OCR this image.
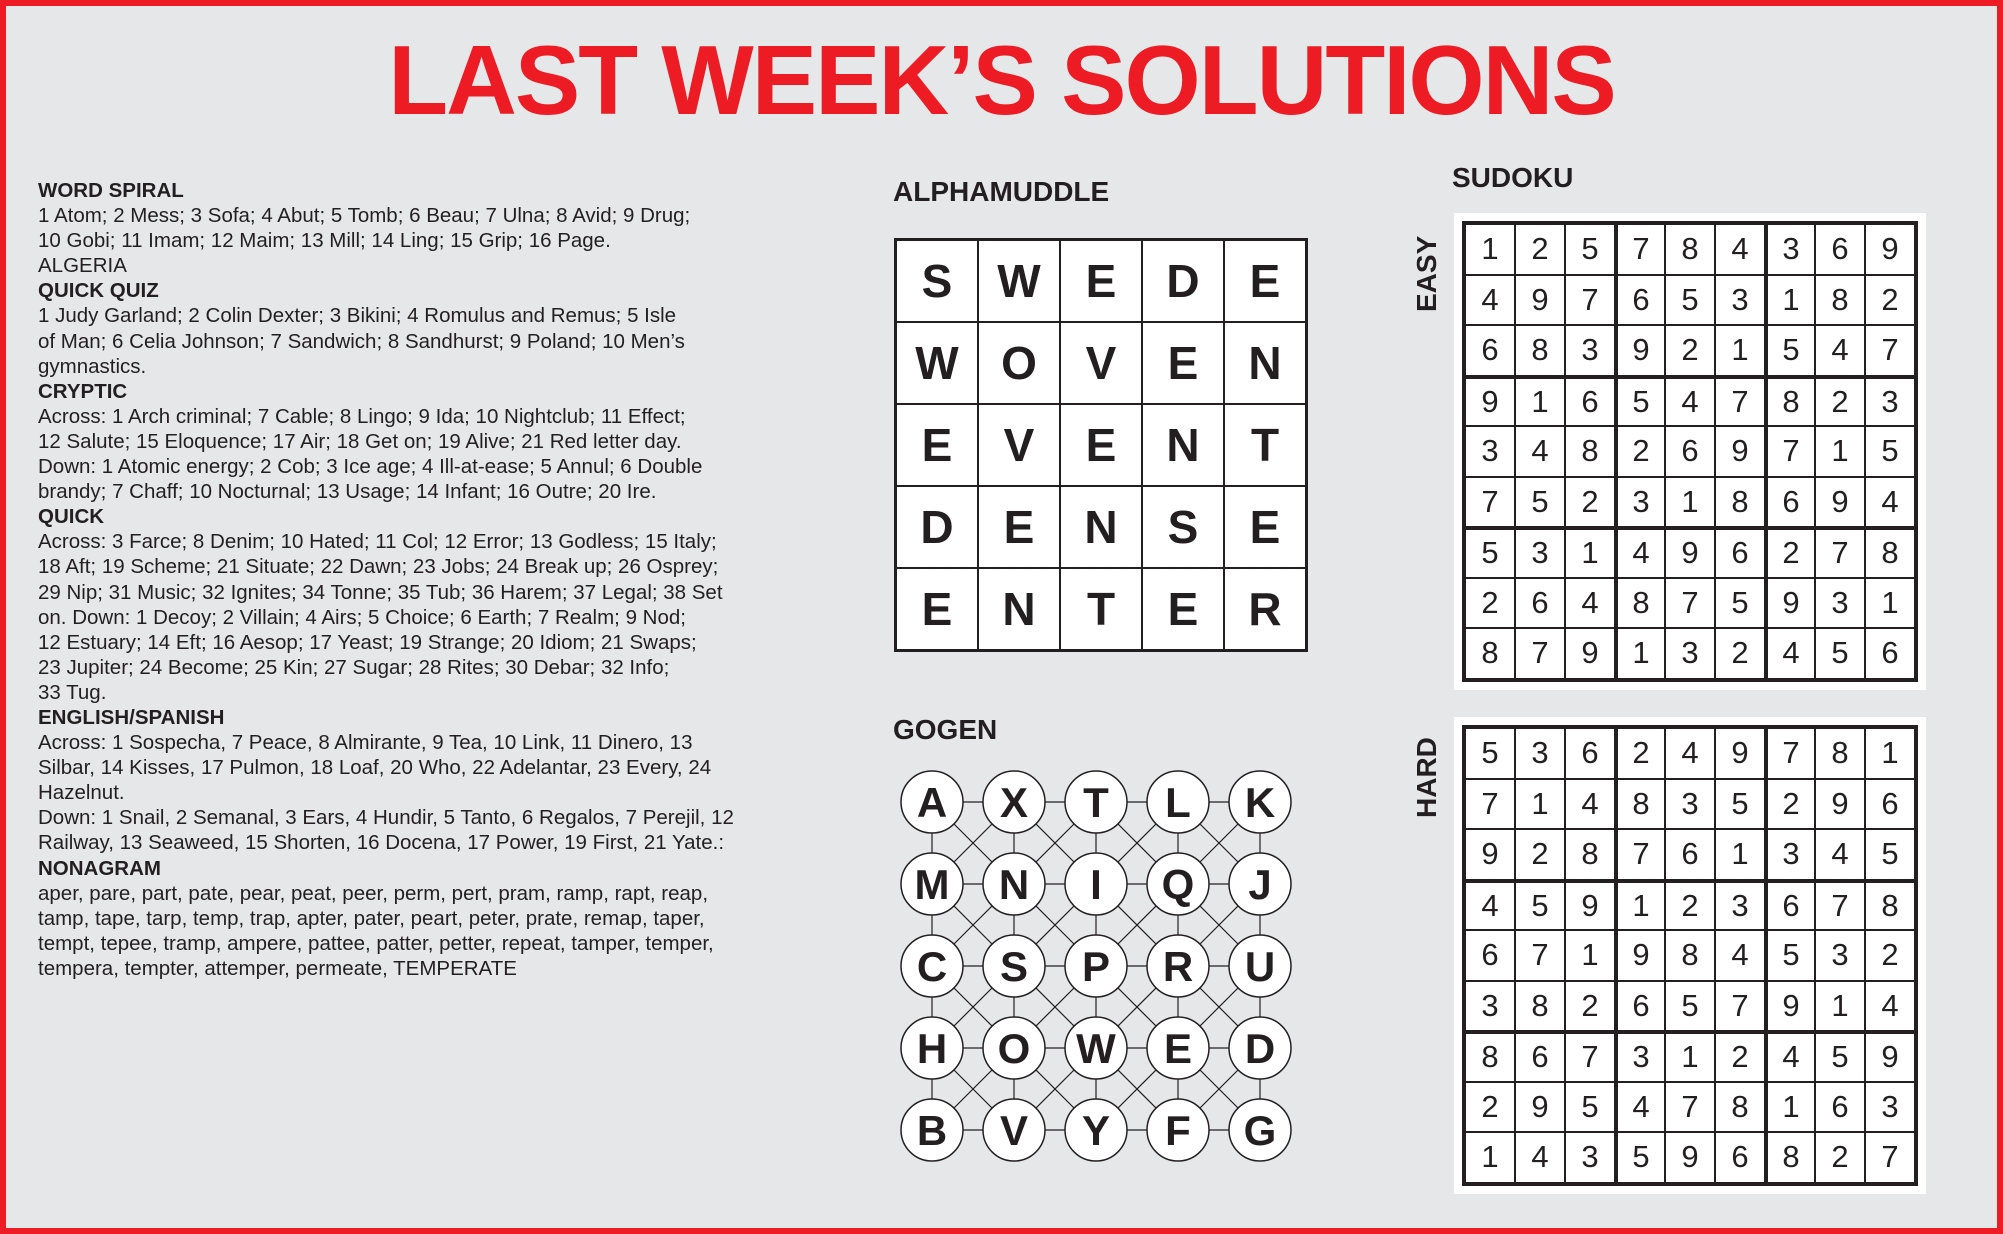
LAST WEEK’S SOLUTIONS
WORD SPIRAL
1 Atom; 2 Mess; 3 Sofa; 4 Abut; 5 Tomb; 6 Beau; 7 Ulna; 8 Avid; 9 Drug;
10 Gobi; 11 Imam; 12 Maim; 13 Mill; 14 Ling; 15 Grip; 16 Page.
ALGERIA
QUICK QUIZ
1 Judy Garland; 2 Colin Dexter; 3 Bikini; 4 Romulus and Remus; 5 Isle
of Man; 6 Celia Johnson; 7 Sandwich; 8 Sandhurst; 9 Poland; 10 Men’s
gymnastics.
CRYPTIC
Across: 1 Arch criminal; 7 Cable; 8 Lingo; 9 Ida; 10 Nightclub; 11 Effect;
12 Salute; 15 Eloquence; 17 Air; 18 Get on; 19 Alive; 21 Red letter day.
Down: 1 Atomic energy; 2 Cob; 3 Ice age; 4 Ill-at-ease; 5 Annul; 6 Double
brandy; 7 Chaff; 10 Nocturnal; 13 Usage; 14 Infant; 16 Outre; 20 Ire.
QUICK
Across: 3 Farce; 8 Denim; 10 Hated; 11 Col; 12 Error; 13 Godless; 15 Italy;
18 Aft; 19 Scheme; 21 Situate; 22 Dawn; 23 Jobs; 24 Break up; 26 Osprey;
29 Nip; 31 Music; 32 Ignites; 34 Tonne; 35 Tub; 36 Harem; 37 Legal; 38 Set
on. Down: 1 Decoy; 2 Villain; 4 Airs; 5 Choice; 6 Earth; 7 Realm; 9 Nod;
12 Estuary; 14 Eft; 16 Aesop; 17 Yeast; 19 Strange; 20 Idiom; 21 Swaps;
23 Jupiter; 24 Become; 25 Kin; 27 Sugar; 28 Rites; 30 Debar; 32 Info;
33 Tug.
ENGLISH/SPANISH
Across: 1 Sospecha, 7 Peace, 8 Almirante, 9 Tea, 10 Link, 11 Dinero, 13
Silbar, 14 Kisses, 17 Pulmon, 18 Loaf, 20 Who, 22 Adelantar, 23 Every, 24
Hazelnut.
Down: 1 Snail, 2 Semanal, 3 Ears, 4 Hundir, 5 Tanto, 6 Regalos, 7 Perejil, 12
Railway, 13 Seaweed, 15 Shorten, 16 Docena, 17 Power, 19 First, 21 Yate.:
NONAGRAM
aper, pare, part, pate, pear, peat, peer, perm, pert, pram, ramp, rapt, reap,
tamp, tape, tarp, temp, trap, apter, pater, peart, peter, prate, remap, taper,
tempt, tepee, tramp, ampere, pattee, patter, petter, repeat, tamper, temper,
tempera, tempter, attemper, permeate, TEMPERATE
ALPHAMUDDLE
S W E	D	E
W O	V	E	N
E	V	E	N	T
D	E	N	S	E
E	N	T	E	R
GOGEN
A X T L K
M N I Q J
C S P R U
H O W E D
B V Y F G
SUDOKU
EASY	1	2	5	7	8	4	3	6	9
4	9	7	6	5	3	1	8	2
6	8	3	9	2	1	5	4	7
9	1	6	5	4	7	8	2	3
3	4	8	2	6	9	7	1	5
7	5	2	3	1	8	6	9	4
5	3	1	4	9	6	2	7	8
2	6	4	8	7	5	9	3	1
8	7	9	1	3	2	4	5	6
HARD	5	3	6	2	4	9	7	8	1
7	1	4	8	3	5	2	9	6
9	2	8	7	6	1	3	4	5
4	5	9	1	2	3	6	7	8
6	7	1	9	8	4	5	3	2
3	8	2	6	5	7	9	1	4
8	6	7	3	1	2	4	5	9
2	9	5	4	7	8	1	6	3
1	4	3	5	9	6	8	2	7
